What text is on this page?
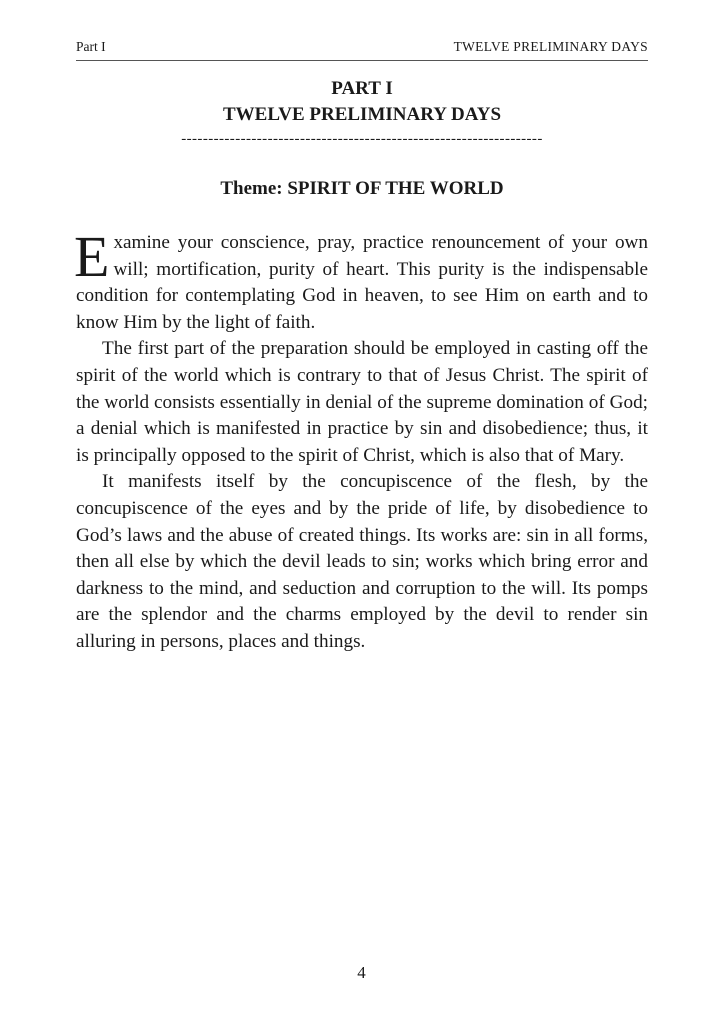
Part I	TWELVE PRELIMINARY DAYS
PART I
TWELVE PRELIMINARY DAYS
-------------------------------------------------------------------
Theme: SPIRIT OF THE WORLD

Examine your conscience, pray, practice renouncement of your own will; mortification, purity of heart. This purity is the indispensable condition for contemplating God in heaven, to see Him on earth and to know Him by the light of faith.

The first part of the preparation should be employed in casting off the spirit of the world which is contrary to that of Jesus Christ. The spirit of the world consists essentially in denial of the supreme domination of God; a denial which is manifested in practice by sin and disobedience; thus, it is principally opposed to the spirit of Christ, which is also that of Mary.

It manifests itself by the concupiscence of the flesh, by the concupiscence of the eyes and by the pride of life, by disobedience to God’s laws and the abuse of created things. Its works are: sin in all forms, then all else by which the devil leads to sin; works which bring error and darkness to the mind, and seduction and corruption to the will. Its pomps are the splendor and the charms employed by the devil to render sin alluring in persons, places and things.

4
